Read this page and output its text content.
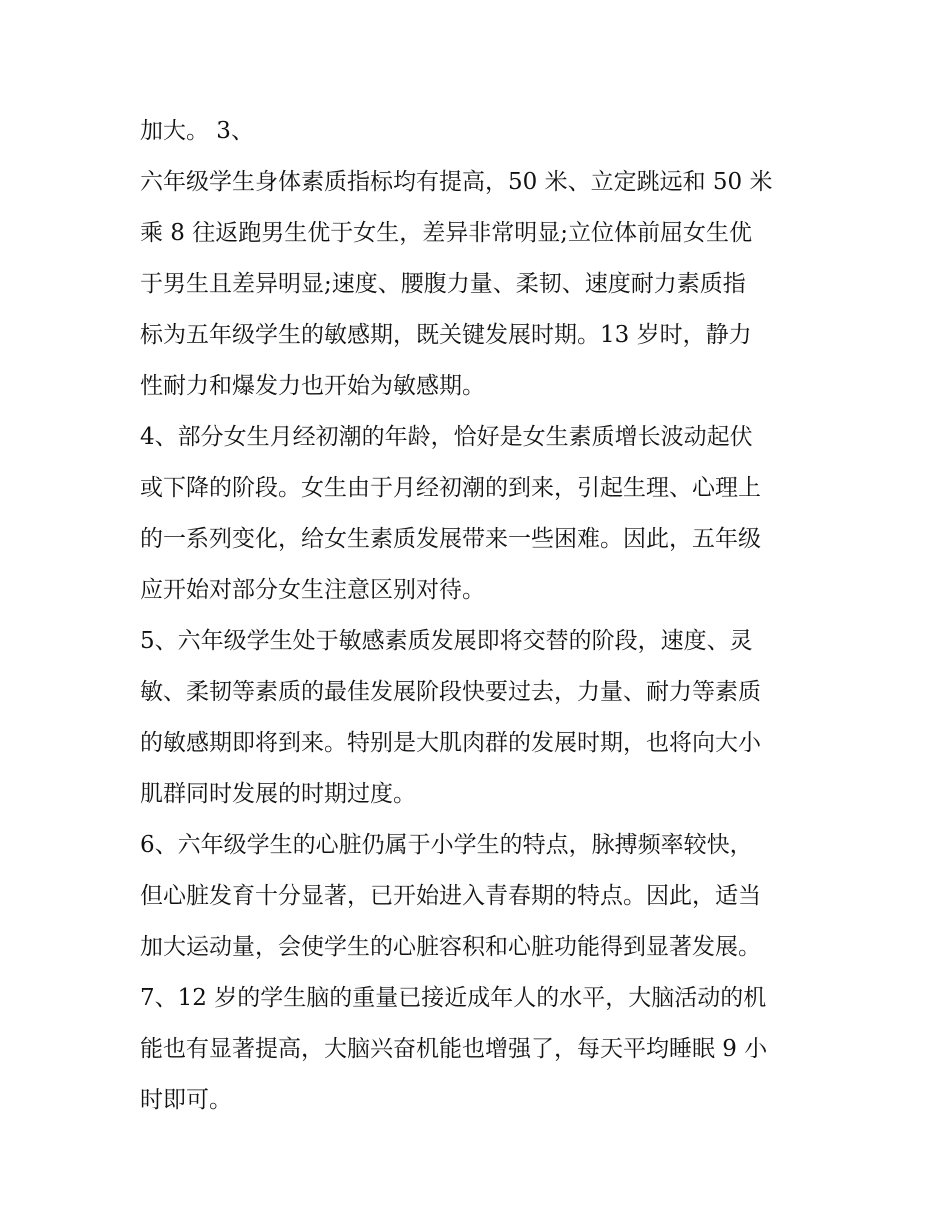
加大。 3、
六年级学生身体素质指标均有提高，50 米、立定跳远和 50 米
乘 8 往返跑男生优于女生，差异非常明显;立位体前屈女生优
于男生且差异明显;速度、腰腹力量、柔韧、速度耐力素质指
标为五年级学生的敏感期，既关键发展时期。13 岁时，静力
性耐力和爆发力也开始为敏感期。
4、部分女生月经初潮的年龄，恰好是女生素质增长波动起伏
或下降的阶段。女生由于月经初潮的到来，引起生理、心理上
的一系列变化，给女生素质发展带来一些困难。因此，五年级
应开始对部分女生注意区别对待。
5、六年级学生处于敏感素质发展即将交替的阶段，速度、灵
敏、柔韧等素质的最佳发展阶段快要过去，力量、耐力等素质
的敏感期即将到来。特别是大肌肉群的发展时期，也将向大小
肌群同时发展的时期过度。
6、六年级学生的心脏仍属于小学生的特点，脉搏频率较快，
但心脏发育十分显著，已开始进入青春期的特点。因此，适当
加大运动量，会使学生的心脏容积和心脏功能得到显著发展。
7、12 岁的学生脑的重量已接近成年人的水平，大脑活动的机
能也有显著提高，大脑兴奋机能也增强了，每天平均睡眠 9 小
时即可。
